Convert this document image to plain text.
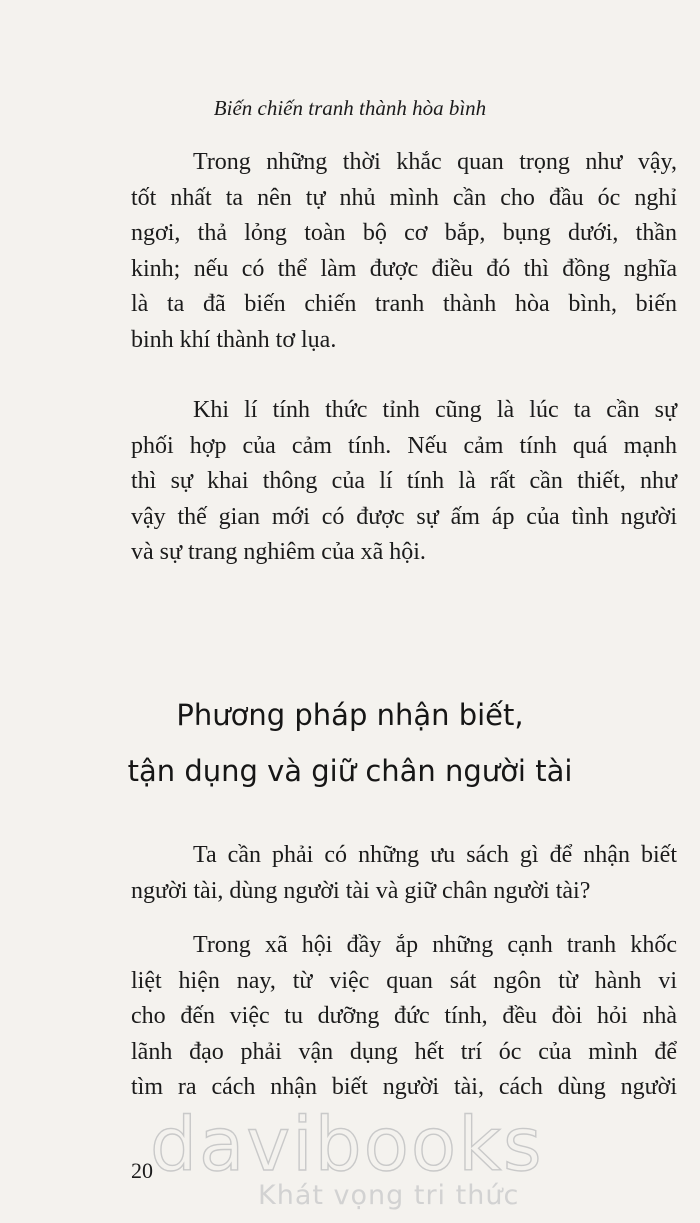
Biến chiến tranh thành hòa bình
Trong những thời khắc quan trọng như vậy,
tốt nhất ta nên tự nhủ mình cần cho đầu óc nghỉ
ngơi, thả lỏng toàn bộ cơ bắp, bụng dưới, thần
kinh; nếu có thể làm được điều đó thì đồng nghĩa
là ta đã biến chiến tranh thành hòa bình, biến
binh khí thành tơ lụa.
Khi lí tính thức tỉnh cũng là lúc ta cần sự
phối hợp của cảm tính. Nếu cảm tính quá mạnh
thì sự khai thông của lí tính là rất cần thiết, như
vậy thế gian mới có được sự ấm áp của tình người
và sự trang nghiêm của xã hội.
Phương pháp nhận biết,
tận dụng và giữ chân người tài
Ta cần phải có những ưu sách gì để nhận biết
người tài, dùng người tài và giữ chân người tài?
Trong xã hội đầy ắp những cạnh tranh khốc
liệt hiện nay, từ việc quan sát ngôn từ hành vi
cho đến việc tu dưỡng đức tính, đều đòi hỏi nhà
lãnh đạo phải vận dụng hết trí óc của mình để
tìm ra cách nhận biết người tài, cách dùng người
20
davibooks
Khát vọng tri thức
